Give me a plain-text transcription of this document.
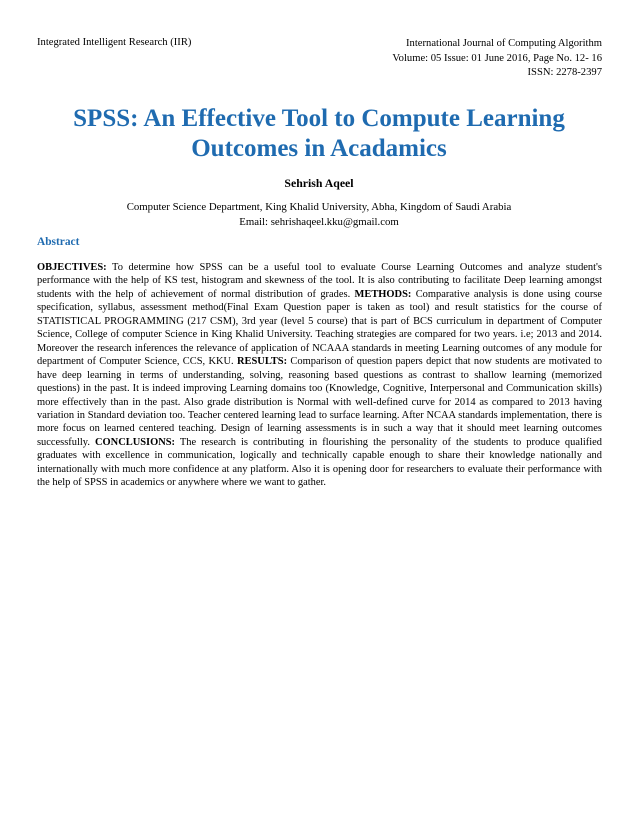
Integrated Intelligent Research (IIR)	International Journal of Computing Algorithm
Volume: 05 Issue: 01 June 2016, Page No. 12- 16
ISSN: 2278-2397
SPSS: An Effective Tool to Compute Learning
Outcomes in Acadamics
Sehrish Aqeel
Computer Science Department, King Khalid University, Abha, Kingdom of Saudi Arabia
Email: sehrishaqeel.kku@gmail.com
Abstract
OBJECTIVES: To determine how SPSS can be a useful tool to evaluate Course Learning Outcomes and analyze student's performance with the help of KS test, histogram and skewness of the tool. It is also contributing to facilitate Deep learning amongst students with the help of achievement of normal distribution of grades. METHODS: Comparative analysis is done using course specification, syllabus, assessment method(Final Exam Question paper is taken as tool) and result statistics for the course of STATISTICAL PROGRAMMING (217 CSM), 3rd year (level 5 course) that is part of BCS curriculum in department of Computer Science, College of computer Science in King Khalid University. Teaching strategies are compared for two years. i.e; 2013 and 2014. Moreover the research inferences the relevance of application of NCAAA standards in meeting Learning outcomes of any module for department of Computer Science, CCS, KKU. RESULTS: Comparison of question papers depict that now students are motivated to have deep learning in terms of understanding, solving, reasoning based questions as contrast to shallow learning (memorized questions) in the past. It is indeed improving Learning domains too (Knowledge, Cognitive, Interpersonal and Communication skills) more effectively than in the past. Also grade distribution is Normal with well-defined curve for 2014 as compared to 2013 having variation in Standard deviation too. Teacher centered learning lead to surface learning. After NCAA standards implementation, there is more focus on learned centered teaching. Design of learning assessments is in such a way that it should meet learning outcomes successfully. CONCLUSIONS: The research is contributing in flourishing the personality of the students to produce qualified graduates with excellence in communication, logically and technically capable enough to share their knowledge nationally and internationally with much more confidence at any platform. Also it is opening door for researchers to evaluate their performance with the help of SPSS in academics or anywhere where we want to gather.
